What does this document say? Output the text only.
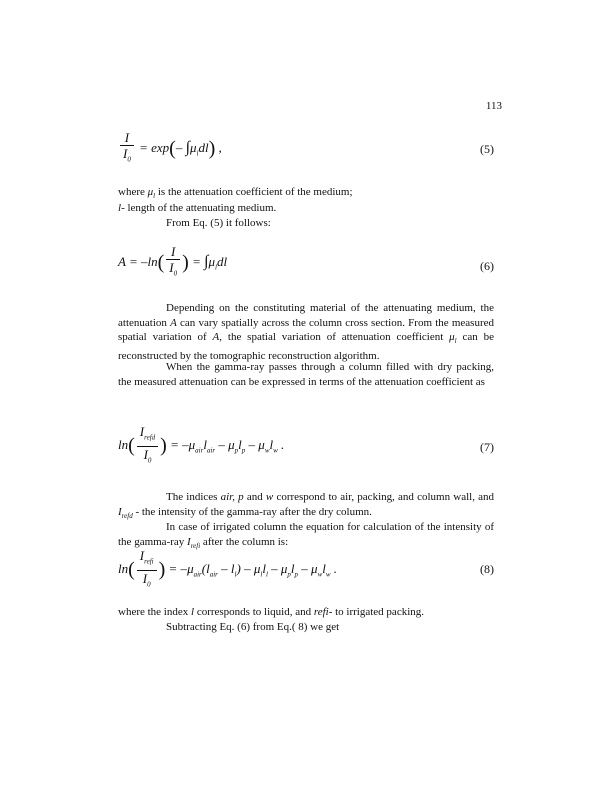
113
$\frac{I}{I_0} = \exp(-$ $\int\mu_ldl$) ,	(5)
where $\mu_l$ is the attenuation coefficient of the medium;
l- length of the attenuating medium.
From Eq. (5) it follows:
$A = -\ln( \frac{I}{I_0}$ ) = $\int\mu_ldl$	(6)
Depending on the constituting material of the attenuating medium, the attenuation A can vary spatially across the column cross section. From the measured spatial variation of A, the spatial variation of attenuation coefficient $\mu_l$ can be reconstructed by the tomographic reconstruction algorithm.
When the gamma-ray passes through a column filled with dry packing, the measured attenuation can be expressed in terms of the attenuation coefficient as
$\ln( \frac{I_{refd}}{I_0}$ ) = $-\mu_{air}l_{air} - \mu_pl_p - \mu_wl_w$ .	(7)
The indices air, p and w correspond to air, packing, and column wall, and $I_{refd}$ - the intensity of the gamma-ray after the dry column.
In case of irrigated column the equation for calculation of the intensity of the gamma-ray $I_{refi}$ after the column is:
$\ln( \frac{I_{refi}}{I_0}$ ) = $-\mu_{air}(l_{air} - l_l) - \mu_ll_l - \mu_pl_p - \mu_wl_w$ .	(8)
where the index l corresponds to liquid, and refi- to irrigated packing.
Subtracting Eq. (6) from Eq.( 8) we get
